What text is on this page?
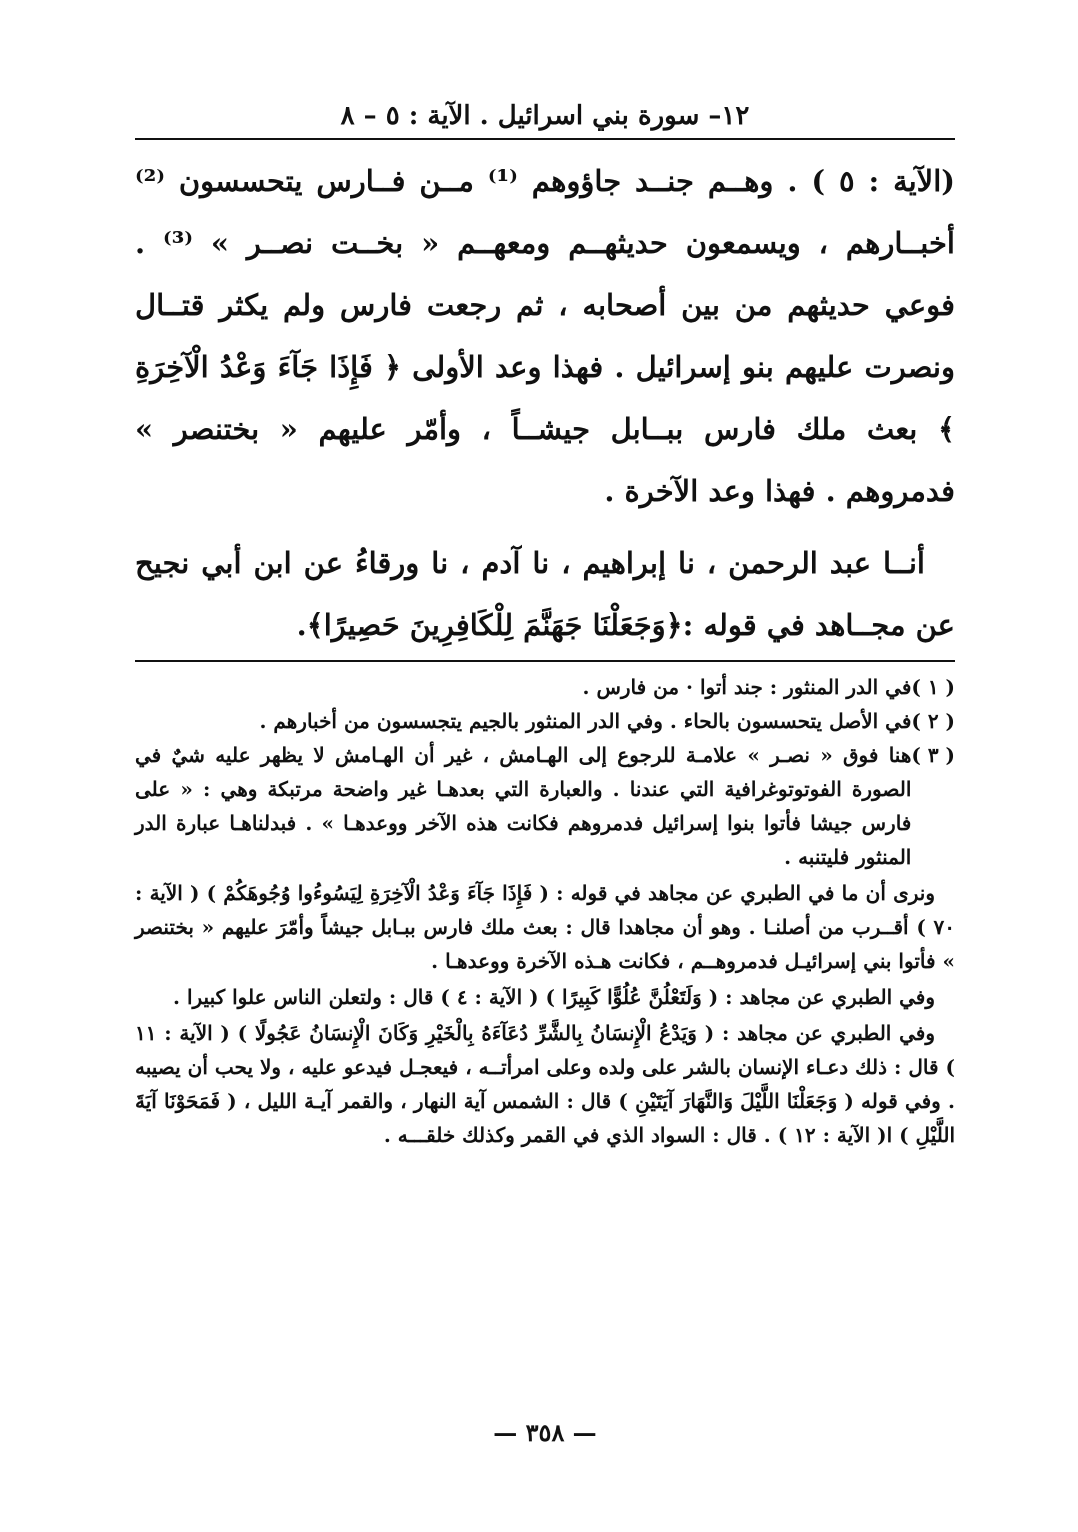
١٢– سورة بني اسرائيل . الآية : ٥ – ٨

(الآية : ٥ ) . وهــم جنــد جاؤوهم ⁽¹⁾ مــن فــارس يتحسسون ⁽²⁾ أخبــارهم ، ويسمعون حديثهــم ومعهــم « بخــت نصــر » ⁽³⁾ . فوعي حديثهم من بين أصحابه ، ثم رجعت فارس ولم يكثر قتــال ونصرت عليهم بنو إسرائيل . فهذا وعد الأولى ﴿ فَإِذَا جَآءَ وَعْدُ الْآخِرَةِ ﴾ بعث ملك فارس ببــابل جيشــاً ، وأمّر عليهم « بختنصر » فدمروهم . فهذا وعد الآخرة .

أنــا عبد الرحمن ، نا إبراهيم ، نا آدم ، نا ورقاءُ عن ابن أبي نجيح عن مجــاهد في قوله :﴿وَجَعَلْنَا جَهَنَّمَ لِلْكَافِرِينَ حَصِيرًا﴾.

( ١ )
في الدر المنثور : جند أتوا · من فارس .
( ٢ )
في الأصل يتحسسون بالحاء . وفي الدر المنثور بالجيم يتجسسون من أخبارهم .
( ٣ )
هنا فوق « نصـر » علامـة للرجوع إلى الهـامش ، غير أن الهـامش لا يظهر عليه شيٌ في الصورة الفوتوتوغرافية التي عندنا . والعبارة التي بعدهـا غير واضحة مرتبكة وهي : « على فارس جيشا فأتوا بنوا إسرائيل فدمروهم فكانت هذه الآخر ووعدهـا » . فبدلناهـا عبارة الدر المنثور فليتنبه .

ونرى أن ما في الطبري عن مجاهد في قوله : ( فَإِذَا جَآءَ وَعْدُ الْآخِرَةِ لِيَسُوءُوا وُجُوهَكُمْ ) ( الآية : ٧٠ ) أقــرب من أصلنـا . وهو أن مجاهدا قال : بعث ملك فارس ببـابل جيشاً وأمّرَ عليهم « بختنصر » فأتوا بني إسرائيـل فدمروهــم ، فكانت هـذه الآخرة ووعدهـا .

وفي الطبري عن مجاهد : ( وَلَتَعْلُنَّ عُلُوًّا كَبِيرًا ) ( الآية : ٤ ) قال : ولتعلن الناس علوا كبيرا .

وفي الطبري عن مجاهد : ( وَيَدْعُ الْإِنسَانُ بِالشَّرِّ دُعَآءَهُ بِالْخَيْرِ وَكَانَ الْإِنسَانُ عَجُولًا ) ( الآية : ١١ ) قال : ذلك دعـاء الإنسان بالشر على ولده وعلى امرأتــه ، فيعجـل فيدعو عليه ، ولا يحب أن يصيبه . وفي قوله ( وَجَعَلْنَا اللَّيْلَ وَالنَّهَارَ آيَتَيْنِ ) قال : الشمس آية النهار ، والقمر آيـة الليل ، ( فَمَحَوْنَا آيَةَ اللَّيْلِ ) ا( الآية : ١٢ ) . قال : السواد الذي في القمر وكذلك خلقـــه .

— ٣٥٨ —
